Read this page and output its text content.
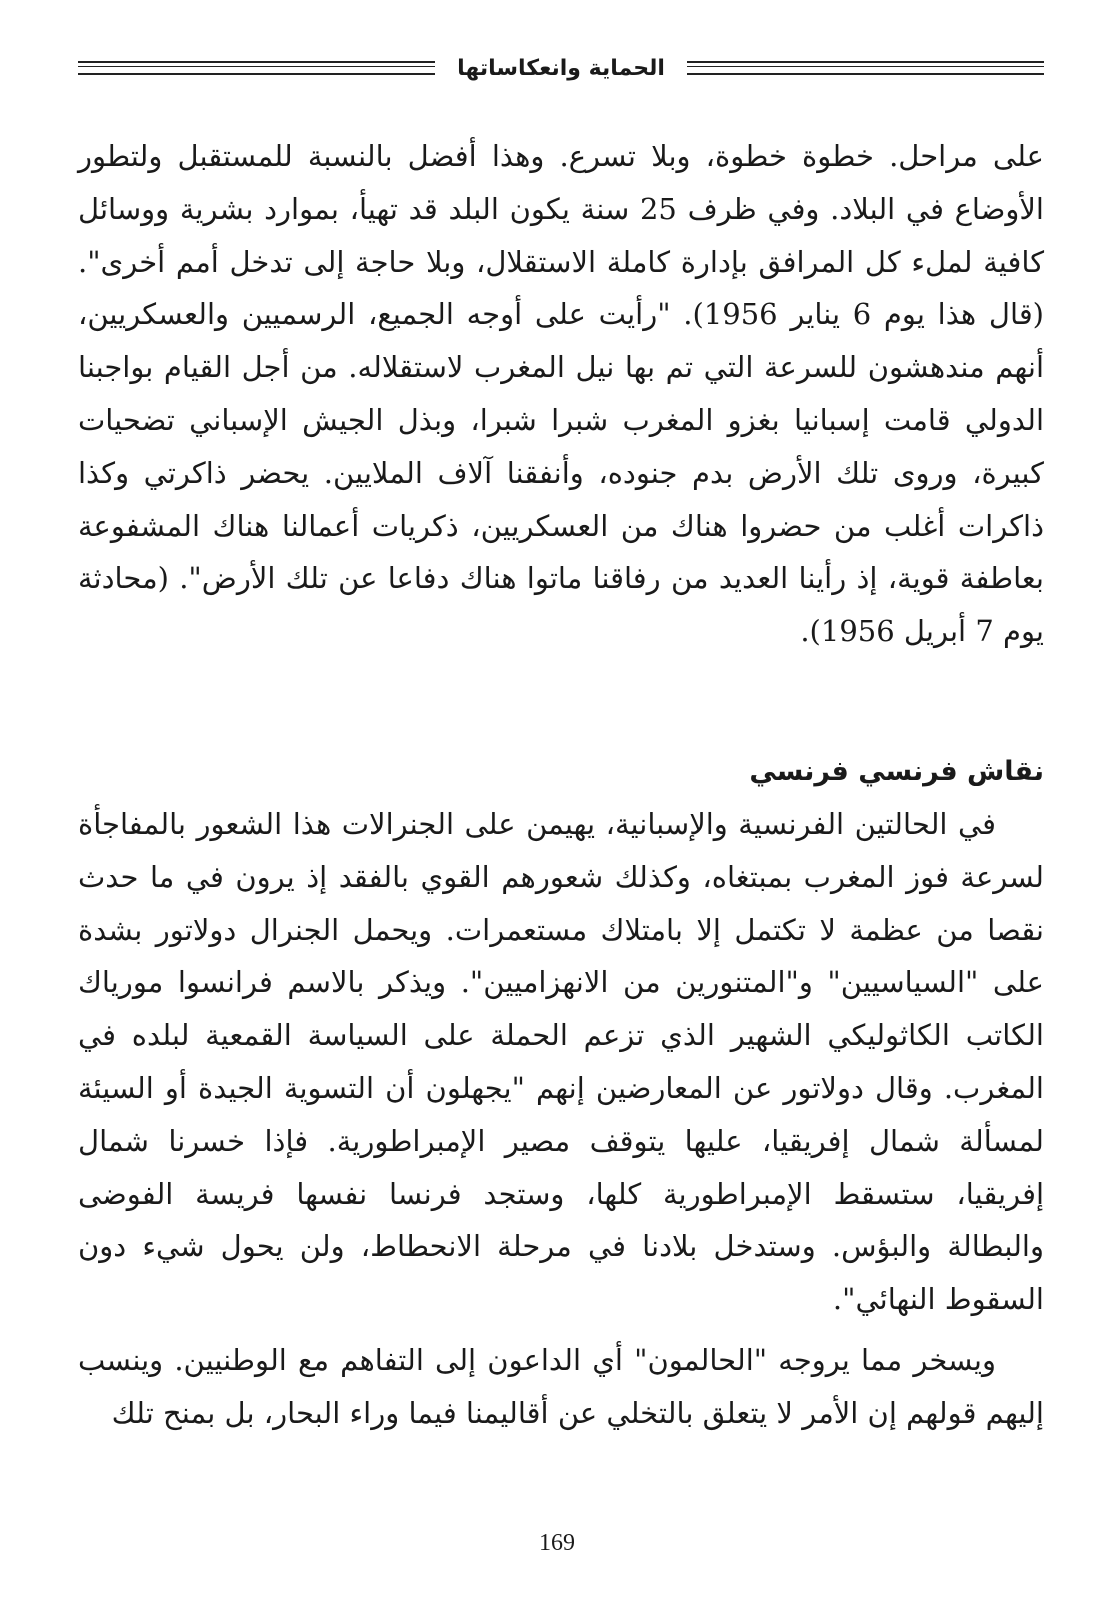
الحماية وانعكاساتها

على مراحل. خطوة خطوة، وبلا تسرع. وهذا أفضل بالنسبة للمستقبل ولتطور الأوضاع في البلاد. وفي ظرف 25 سنة يكون البلد قد تهيأ، بموارد بشرية ووسائل كافية لملء كل المرافق بإدارة كاملة الاستقلال، وبلا حاجة إلى تدخل أمم أخرى". (قال هذا يوم 6 يناير 1956). "رأيت على أوجه الجميع، الرسميين والعسكريين، أنهم مندهشون للسرعة التي تم بها نيل المغرب لاستقلاله. من أجل القيام بواجبنا الدولي قامت إسبانيا بغزو المغرب شبرا شبرا، وبذل الجيش الإسباني تضحيات كبيرة، وروى تلك الأرض بدم جنوده، وأنفقنا آلاف الملايين. يحضر ذاكرتي وكذا ذاكرات أغلب من حضروا هناك من العسكريين، ذكريات أعمالنا هناك المشفوعة بعاطفة قوية، إذ رأينا العديد من رفاقنا ماتوا هناك دفاعا عن تلك الأرض". (محادثة يوم 7 أبريل 1956).

نقاش فرنسي فرنسي

في الحالتين الفرنسية والإسبانية، يهيمن على الجنرالات هذا الشعور بالمفاجأة لسرعة فوز المغرب بمبتغاه، وكذلك شعورهم القوي بالفقد إذ يرون في ما حدث نقصا من عظمة لا تكتمل إلا بامتلاك مستعمرات. ويحمل الجنرال دولاتور بشدة على "السياسيين" و"المتنورين من الانهزاميين". ويذكر بالاسم فرانسوا مورياك الكاتب الكاثوليكي الشهير الذي تزعم الحملة على السياسة القمعية لبلده في المغرب. وقال دولاتور عن المعارضين إنهم "يجهلون أن التسوية الجيدة أو السيئة لمسألة شمال إفريقيا، عليها يتوقف مصير الإمبراطورية. فإذا خسرنا شمال إفريقيا، ستسقط الإمبراطورية كلها، وستجد فرنسا نفسها فريسة الفوضى والبطالة والبؤس. وستدخل بلادنا في مرحلة الانحطاط، ولن يحول شيء دون السقوط النهائي".

ويسخر مما يروجه "الحالمون" أي الداعون إلى التفاهم مع الوطنيين. وينسب إليهم قولهم إن الأمر لا يتعلق بالتخلي عن أقاليمنا فيما وراء البحار، بل بمنح تلك

169
